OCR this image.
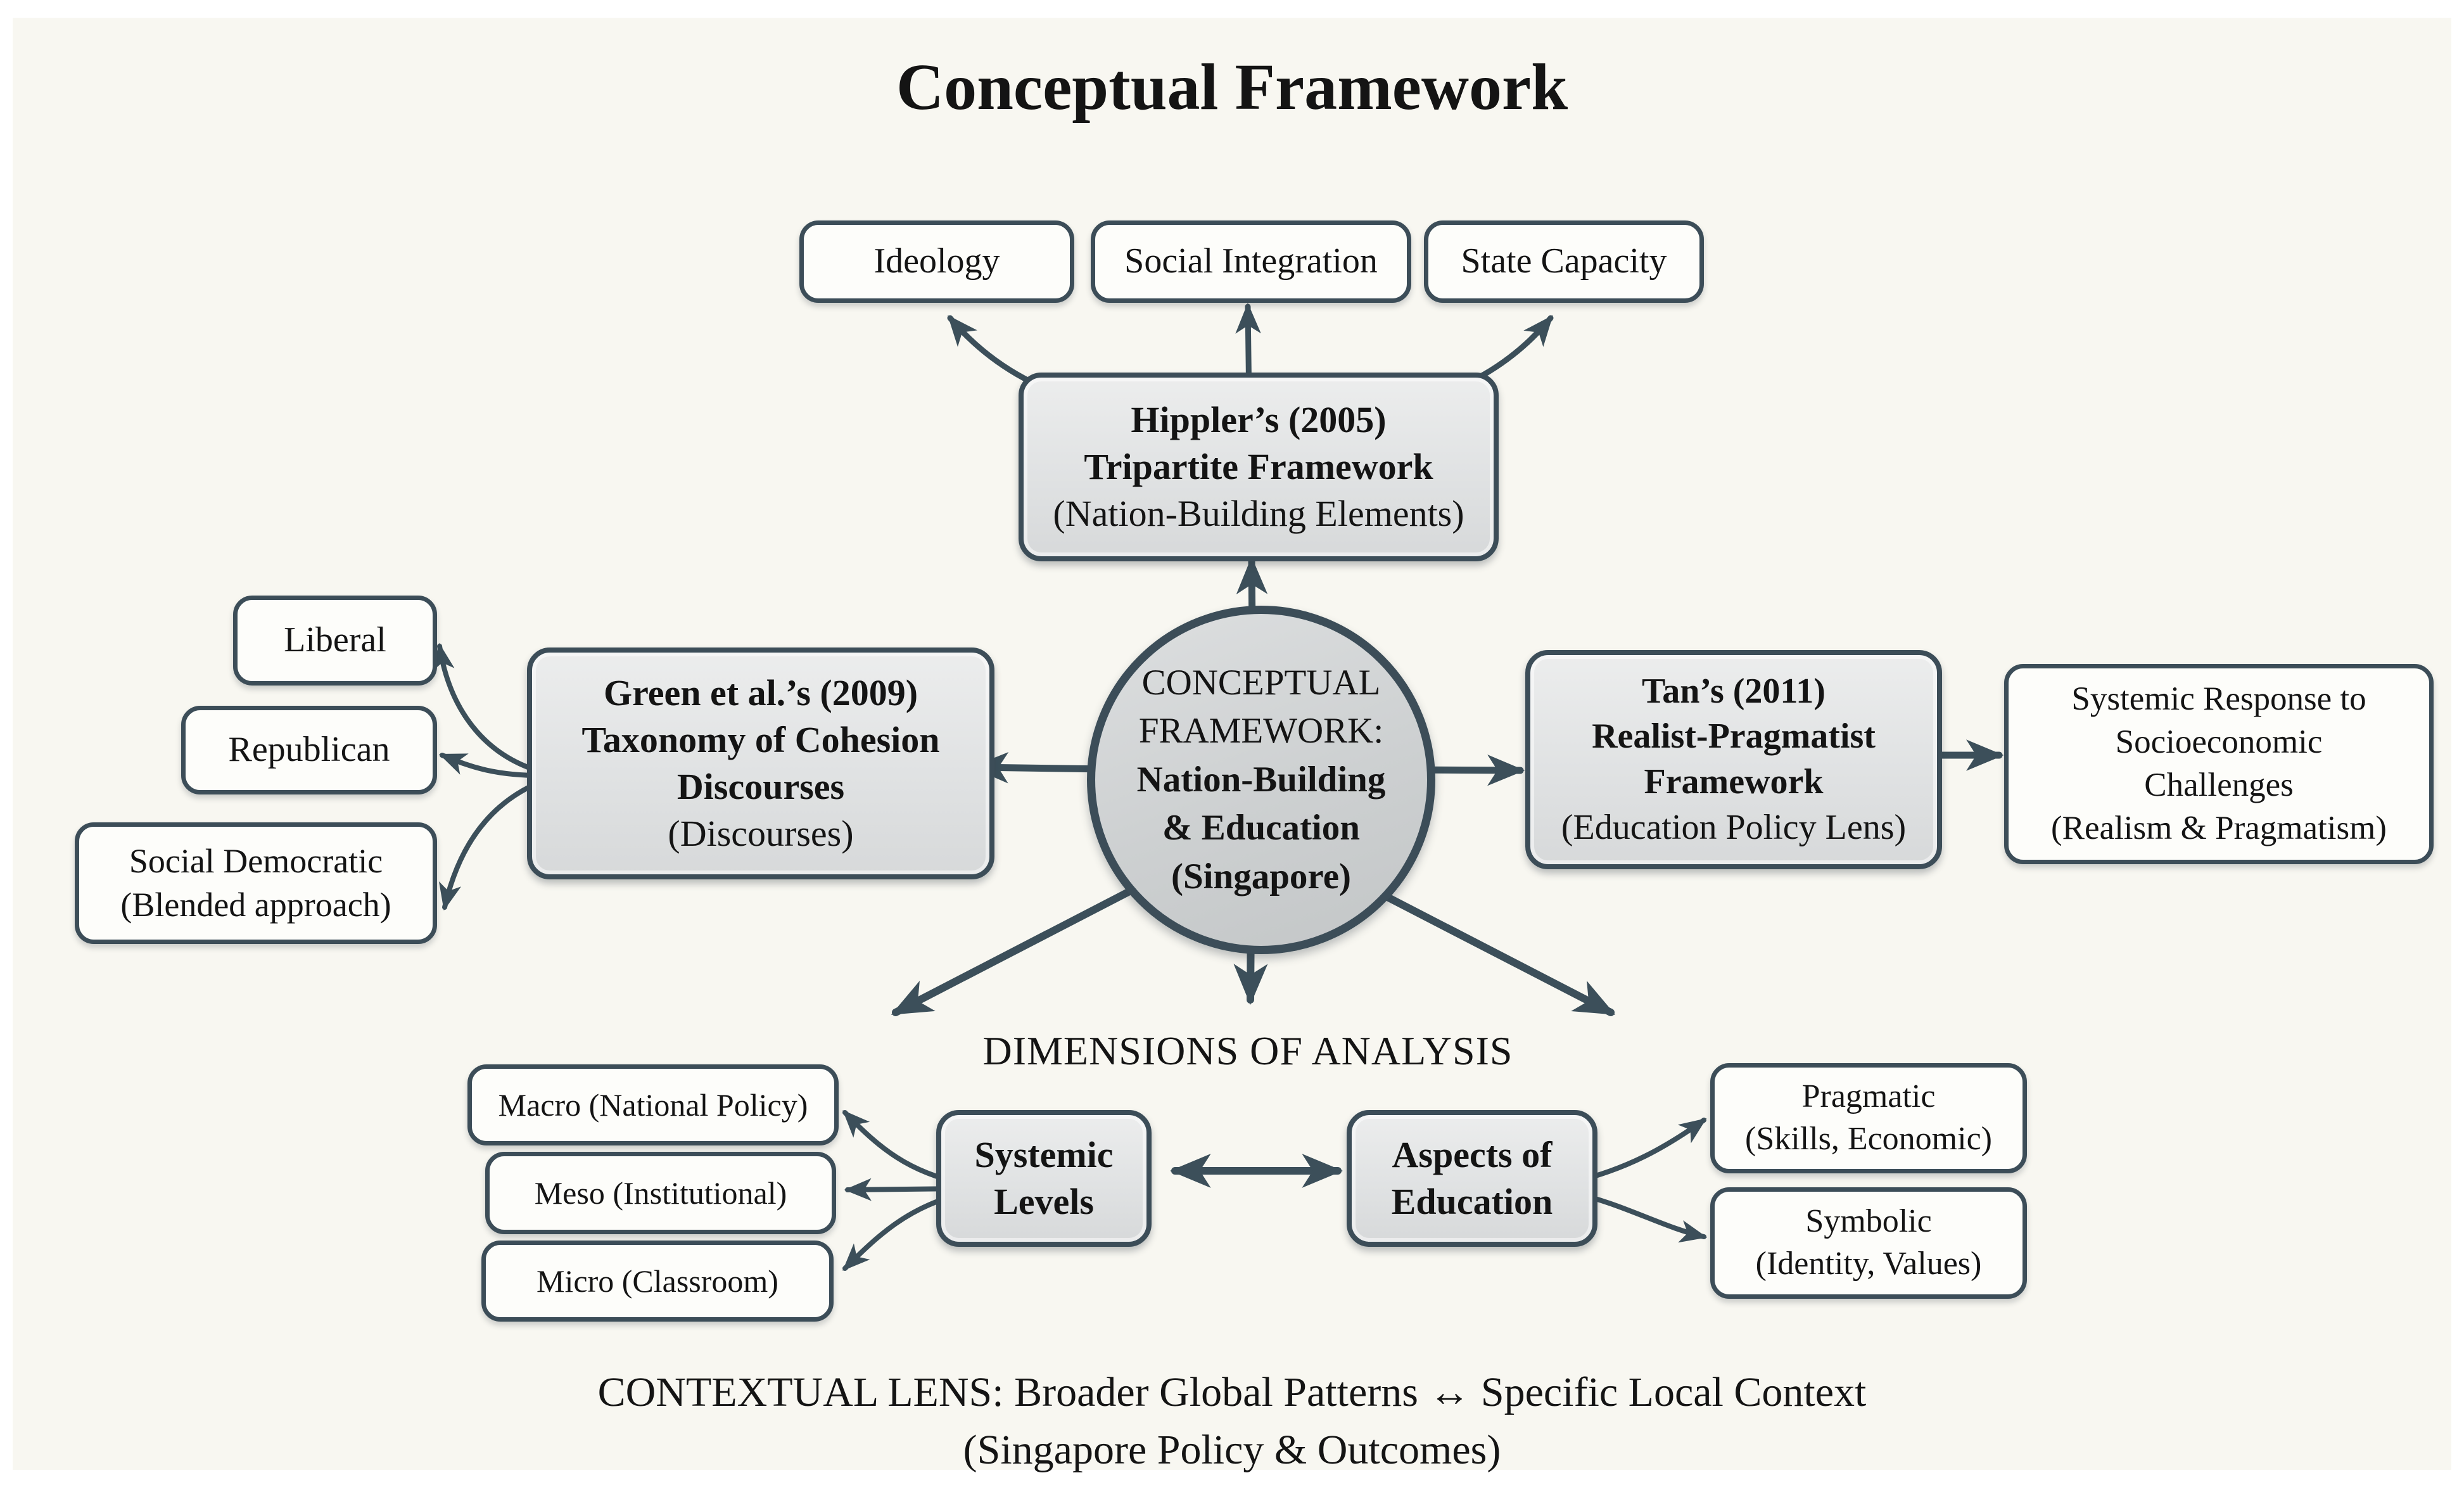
Conceptual Framework
Ideology	Social Integration State Capacity
Hippler’s (2005)
Tripartite Framework
(Nation-Building Elements)
CONCEPTUAL
FRAMEWORK:
Nation-Building
& Education
(Singapore)
Green et al.’s (2009)
Taxonomy of Cohesion
Discourses
(Discourses)
Tan’s (2011)
Realist-Pragmatist
Framework
(Education Policy Lens)
Systemic Response to
Socioeconomic
Challenges
(Realism & Pragmatism)
Liberal
Republican
Social Democratic
(Blended approach)
DIMENSIONS OF ANALYSIS
Macro (National Policy)
Meso (Institutional)
Micro (Classroom)
Systemic
Levels
Aspects of
Education
Pragmatic
(Skills, Economic)
Symbolic
(Identity, Values)
CONTEXTUAL LENS: Broader Global Patterns ↔ Specific Local Context
(Singapore Policy & Outcomes)
